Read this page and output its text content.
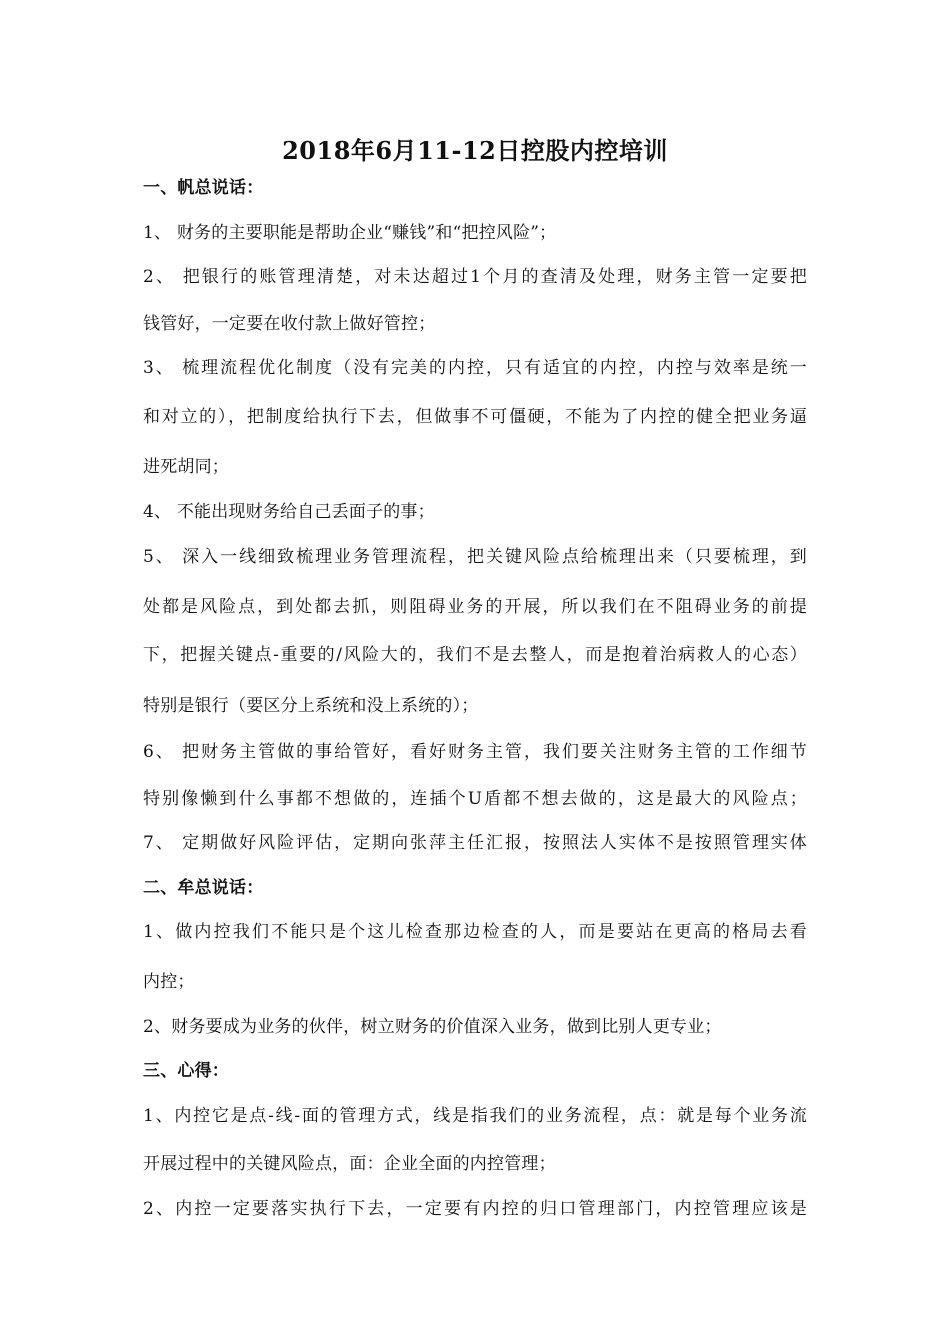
2018年6月11-12日控股内控培训
一、帆总说话：
1、 财务的主要职能是帮助企业“赚钱”和“把控风险”；
2、 把银行的账管理清楚，对未达超过1个月的查清及处理，财务主管一定要把
钱管好，一定要在收付款上做好管控；
3、 梳理流程优化制度（没有完美的内控，只有适宜的内控，内控与效率是统一
和对立的），把制度给执行下去，但做事不可僵硬，不能为了内控的健全把业务逼
进死胡同；
4、 不能出现财务给自己丢面子的事；
5、 深入一线细致梳理业务管理流程，把关键风险点给梳理出来（只要梳理，到
处都是风险点，到处都去抓，则阻碍业务的开展，所以我们在不阻碍业务的前提
下，把握关键点-重要的/风险大的，我们不是去整人，而是抱着治病救人的心态）
特别是银行（要区分上系统和没上系统的）；
6、 把财务主管做的事给管好，看好财务主管，我们要关注财务主管的工作细节
特别像懒到什么事都不想做的，连插个U盾都不想去做的，这是最大的风险点；
7、 定期做好风险评估，定期向张萍主任汇报，按照法人实体不是按照管理实体
二、牟总说话：
1、做内控我们不能只是个这儿检查那边检查的人，而是要站在更高的格局去看
内控；
2、财务要成为业务的伙伴，树立财务的价值深入业务，做到比别人更专业；
三、心得：
1、内控它是点-线-面的管理方式，线是指我们的业务流程，点：就是每个业务流
开展过程中的关键风险点，面：企业全面的内控管理；
2、内控一定要落实执行下去，一定要有内控的归口管理部门，内控管理应该是
